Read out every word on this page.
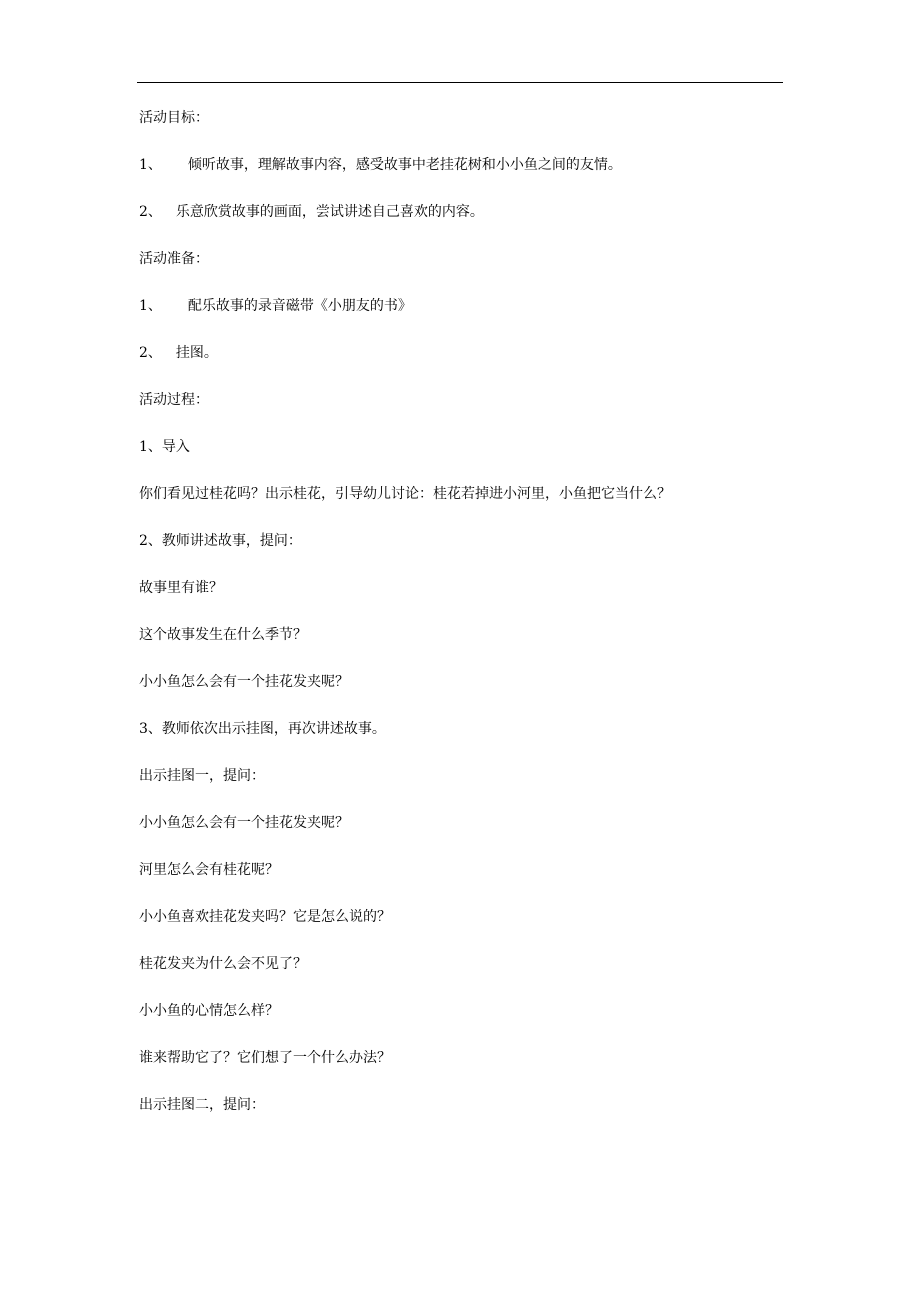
活动目标：
1、 倾听故事，理解故事内容，感受故事中老挂花树和小小鱼之间的友情。
2、 乐意欣赏故事的画面，尝试讲述自己喜欢的内容。
活动准备：
1、 配乐故事的录音磁带《小朋友的书》
2、 挂图。
活动过程：
1、导入
你们看见过桂花吗？出示桂花，引导幼儿讨论：桂花若掉进小河里，小鱼把它当什么？
2、教师讲述故事，提问：
故事里有谁？
这个故事发生在什么季节？
小小鱼怎么会有一个挂花发夹呢？
3、教师依次出示挂图，再次讲述故事。
出示挂图一，提问：
小小鱼怎么会有一个挂花发夹呢？
河里怎么会有桂花呢？
小小鱼喜欢挂花发夹吗？它是怎么说的？
桂花发夹为什么会不见了？
小小鱼的心情怎么样？
谁来帮助它了？它们想了一个什么办法？
出示挂图二，提问：
